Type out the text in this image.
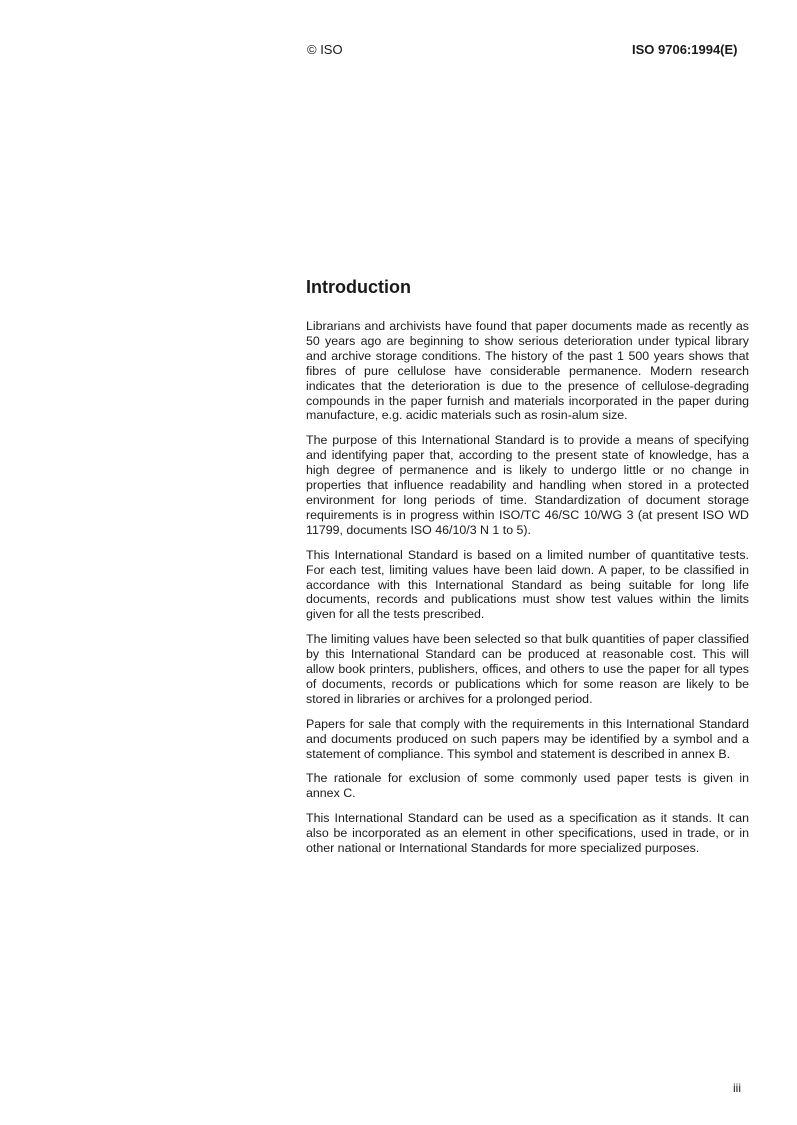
© ISO	ISO 9706:1994(E)
Introduction

Librarians and archivists have found that paper documents made as recently as 50 years ago are beginning to show serious deterioration under typical library and archive storage conditions. The history of the past 1 500 years shows that fibres of pure cellulose have considerable permanence. Modern research indicates that the deterioration is due to the presence of cellulose-degrading compounds in the paper furnish and materials incorporated in the paper during manufacture, e.g. acidic materials such as rosin-alum size.

The purpose of this International Standard is to provide a means of specifying and identifying paper that, according to the present state of knowledge, has a high degree of permanence and is likely to undergo little or no change in properties that influence readability and handling when stored in a protected environment for long periods of time. Standardization of document storage requirements is in progress within ISO/TC 46/SC 10/WG 3 (at present ISO WD 11799, documents ISO 46/10/3 N 1 to 5).

This International Standard is based on a limited number of quantitative tests. For each test, limiting values have been laid down. A paper, to be classified in accordance with this International Standard as being suitable for long life documents, records and publications must show test values within the limits given for all the tests prescribed.

The limiting values have been selected so that bulk quantities of paper classified by this International Standard can be produced at reasonable cost. This will allow book printers, publishers, offices, and others to use the paper for all types of documents, records or publications which for some reason are likely to be stored in libraries or archives for a prolonged period.

Papers for sale that comply with the requirements in this International Standard and documents produced on such papers may be identified by a symbol and a statement of compliance. This symbol and statement is described in annex B.

The rationale for exclusion of some commonly used paper tests is given in annex C.

This International Standard can be used as a specification as it stands. It can also be incorporated as an element in other specifications, used in trade, or in other national or International Standards for more specialized purposes.

iii
